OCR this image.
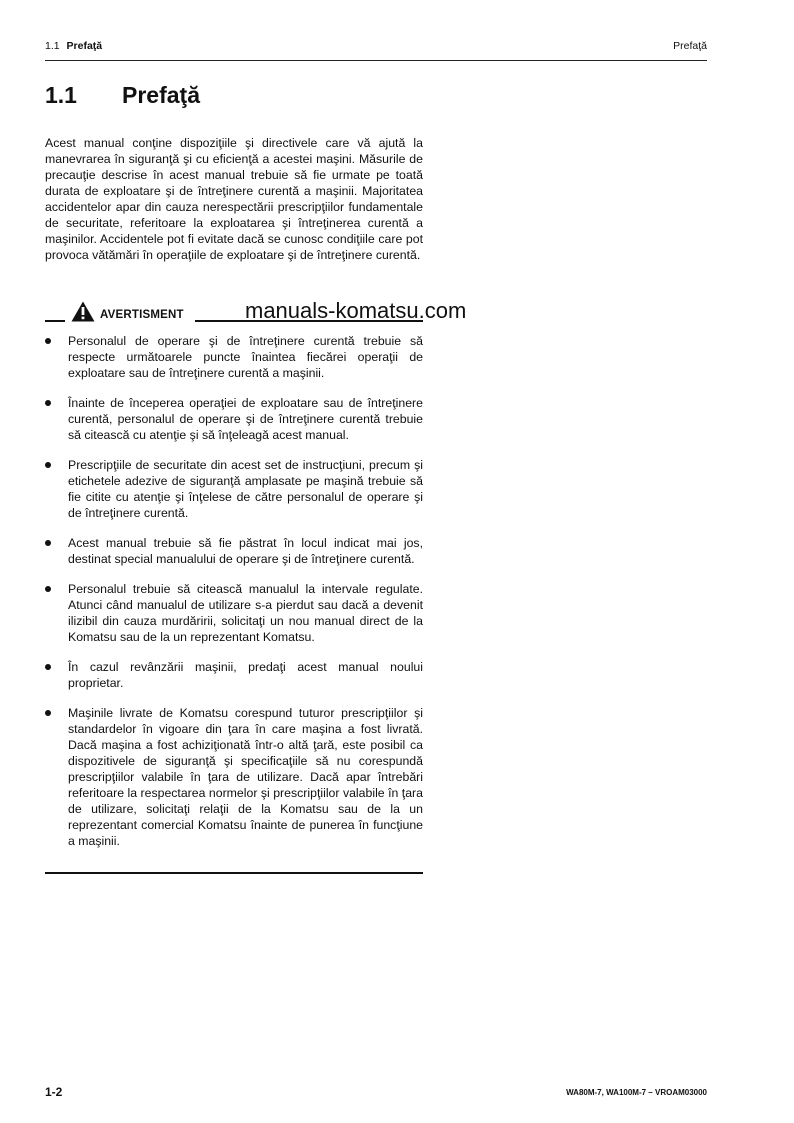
1.1 Prefaţă	Prefaţă
1.1 Prefaţă

Acest manual conţine dispoziţiile şi directivele care vă ajută la manevrarea în siguranţă şi cu eficienţă a acestei maşini. Măsurile de precauţie descrise în acest manual trebuie să fie urmate pe toată durata de exploatare şi de întreţinere curentă a maşinii. Majoritatea accidentelor apar din cauza nerespectării prescripţiilor fundamentale de securitate, referitoare la exploatarea şi întreţinerea curentă a maşinilor. Accidentele pot fi evitate dacă se cunosc condiţiile care pot provoca vătămări în operaţiile de exploatare şi de întreţinere curentă.

AVERTISMENT	manuals-komatsu.com
Personalul de operare şi de întreţinere curentă trebuie să respecte următoarele puncte înaintea fiecărei operaţii de exploatare sau de întreţinere curentă a maşinii.
Înainte de începerea operaţiei de exploatare sau de întreţinere curentă, personalul de operare şi de întreţinere curentă trebuie să citească cu atenţie şi să înţeleagă acest manual.
Prescripţiile de securitate din acest set de instrucţiuni, precum şi etichetele adezive de siguranţă amplasate pe maşină trebuie să fie citite cu atenţie şi înţelese de către personalul de operare şi de întreţinere curentă.
Acest manual trebuie să fie păstrat în locul indicat mai jos, destinat special manualului de operare şi de întreţinere curentă.
Personalul trebuie să citească manualul la intervale regulate. Atunci când manualul de utilizare s-a pierdut sau dacă a devenit ilizibil din cauza murdăririi, solicitaţi un nou manual direct de la Komatsu sau de la un reprezentant Komatsu.
În cazul revânzării maşinii, predaţi acest manual noului proprietar.
Maşinile livrate de Komatsu corespund tuturor prescripţiilor şi standardelor în vigoare din ţara în care maşina a fost livrată. Dacă maşina a fost achiziţionată într-o altă ţară, este posibil ca dispozitivele de siguranţă şi specificaţiile să nu corespundă prescripţiilor valabile în ţara de utilizare. Dacă apar întrebări referitoare la respectarea normelor şi prescripţiilor valabile în ţara de utilizare, solicitaţi relaţii de la Komatsu sau de la un reprezentant comercial Komatsu înainte de punerea în funcţiune a maşinii.
1-2	WA80M-7, WA100M-7 – VROAM03000
